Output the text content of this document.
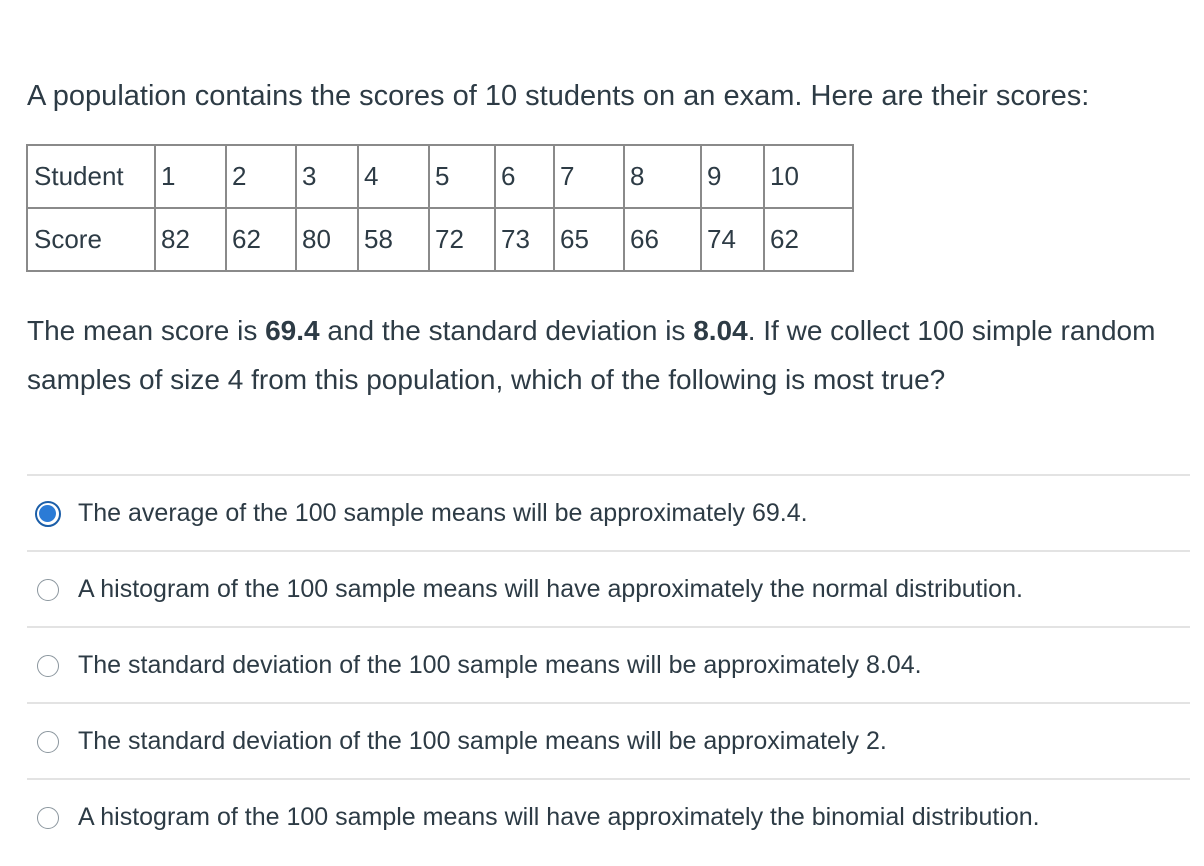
A population contains the scores of 10 students on an exam. Here are their scores:
Student	1	2	3	4	5	6	7	8	9	10
Score	82	62	80	58	72	73	65	66	74	62
The mean score is 69.4 and the standard deviation is 8.04. If we collect 100 simple random samples of size 4 from this population, which of the following is most true?
The average of the 100 sample means will be approximately 69.4.
A histogram of the 100 sample means will have approximately the normal distribution.
The standard deviation of the 100 sample means will be approximately 8.04.
The standard deviation of the 100 sample means will be approximately 2.
A histogram of the 100 sample means will have approximately the binomial distribution.
